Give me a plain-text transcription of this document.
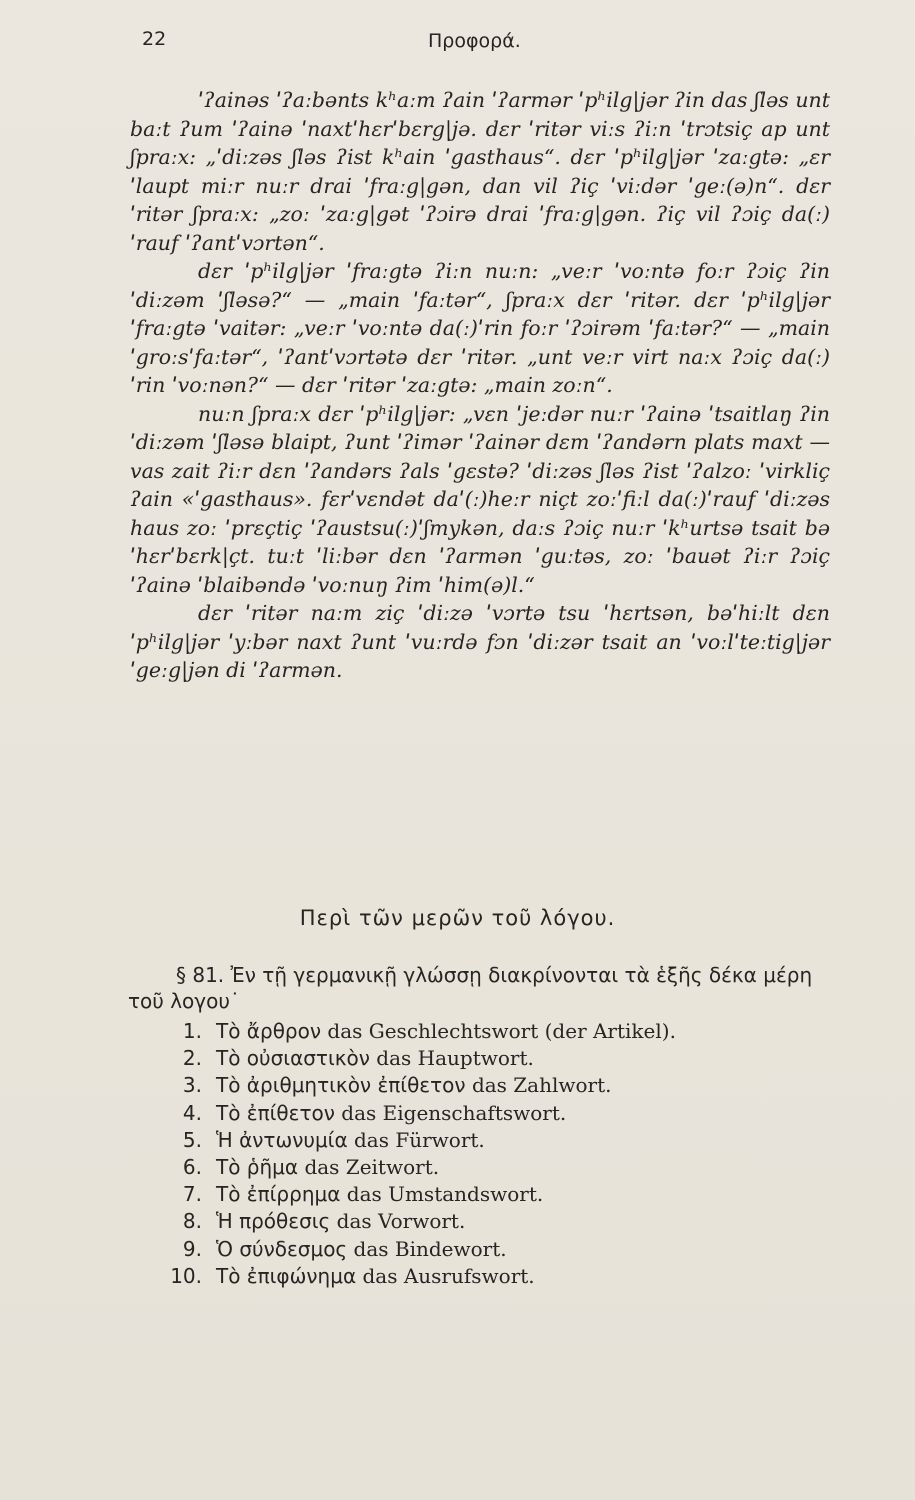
22	Προφορά.

ˈʔainəs ˈʔaːbənts kʰaːm ʔain ˈʔarmər ˈpʰilg|jər ʔin das ʃləs unt baːt ʔum ˈʔainə ˈnaxtˈhɛrˈbɛrg|jə. dɛr ˈritər viːs ʔiːn ˈtrɔtsiç ap unt ʃpraːx: „ˈdiːzəs ʃləs ʔist kʰain ˈgasthaus“. dɛr ˈpʰilg|jər ˈzaːgtə: „ɛrˈlaupt miːr nuːr drai ˈfraːg|gən, dan vil ʔiç ˈviːdər ˈgeː(ə)n“. dɛr ˈritər ʃpraːx: „zoː ˈzaːg|gət ˈʔɔirə drai ˈfraːg|gən. ʔiç vil ʔɔiç da(ː)ˈrauf ˈʔantˈvɔrtən“.

dɛr ˈpʰilg|jər ˈfraːgtə ʔiːn nuːn: „veːr ˈvoːntə foːr ʔɔiç ʔin ˈdiːzəm ˈʃləsə?“ — „main ˈfaːtər“, ʃpraːx dɛr ˈritər. dɛr ˈpʰilg|jər ˈfraːgtə ˈvaitər: „veːr ˈvoːntə da(ː)ˈrin foːr ˈʔɔirəm ˈfaːtər?“ — „main ˈgroːsˈfaːtər“, ˈʔantˈvɔrtətə dɛr ˈritər. „unt veːr virt naːx ʔɔiç da(ː)ˈrin ˈvoːnən?“ — dɛr ˈritər ˈzaːgtə: „main zoːn“.

nuːn ʃpraːx dɛr ˈpʰilg|jər: „vɛn ˈjeːdər nuːr ˈʔainə ˈtsaitlaŋ ʔin ˈdiːzəm ˈʃləsə blaipt, ʔunt ˈʔimər ˈʔainər dɛm ˈʔandərn plats maxt — vas zait ʔiːr dɛn ˈʔandərs ʔals ˈgɛstə? ˈdiːzəs ʃləs ʔist ˈʔalzoː ˈvirkliç ʔain «ˈgasthaus». fɛrˈvɛndət daˈ(ː)heːr niçt zoːˈfiːl da(ː)ˈrauf ˈdiːzəs haus zoː ˈprɛçtiç ˈʔaustsu(ː)ˈʃmykən, daːs ʔɔiç nuːr ˈkʰurtsə tsait bəˈhɛrˈbɛrk|çt. tuːt ˈliːbər dɛn ˈʔarmən ˈguːtəs, zoː ˈbauət ʔiːr ʔɔiç ˈʔainə ˈblaibəndə ˈvoːnuŋ ʔim ˈhim(ə)l.“

dɛr ˈritər naːm ziç ˈdiːzə ˈvɔrtə tsu ˈhɛrtsən, bəˈhiːlt dɛn ˈpʰilg|jər ˈyːbər naxt ʔunt ˈvuːrdə fɔn ˈdiːzər tsait an ˈvoːlˈteːtig|jər ˈgeːg|jən di ˈʔarmən.

Περὶ τῶν μερῶν τοῦ λόγου.
§ 81. Ἐν τῇ γερμανικῇ γλώσσῃ διακρίνονται τὰ ἑξῆς δέκα μέρη τοῦ λογου˙
1. Τὸ ἄρθρον das Geschlechtswort (der Artikel).
2. Τὸ οὐσιαστικὸν das Hauptwort.
3. Τὸ ἀριθμητικὸν ἐπίθετον das Zahlwort.
4. Τὸ ἐπίθετον das Eigenschaftswort.
5. Ἡ ἀντωνυμία das Fürwort.
6. Τὸ ῥῆμα das Zeitwort.
7. Τὸ ἐπίρρημα das Umstandswort.
8. Ἡ πρόθεσις das Vorwort.
9. Ὁ σύνδεσμος das Bindewort.
10. Τὸ ἐπιφώνημα das Ausrufswort.
